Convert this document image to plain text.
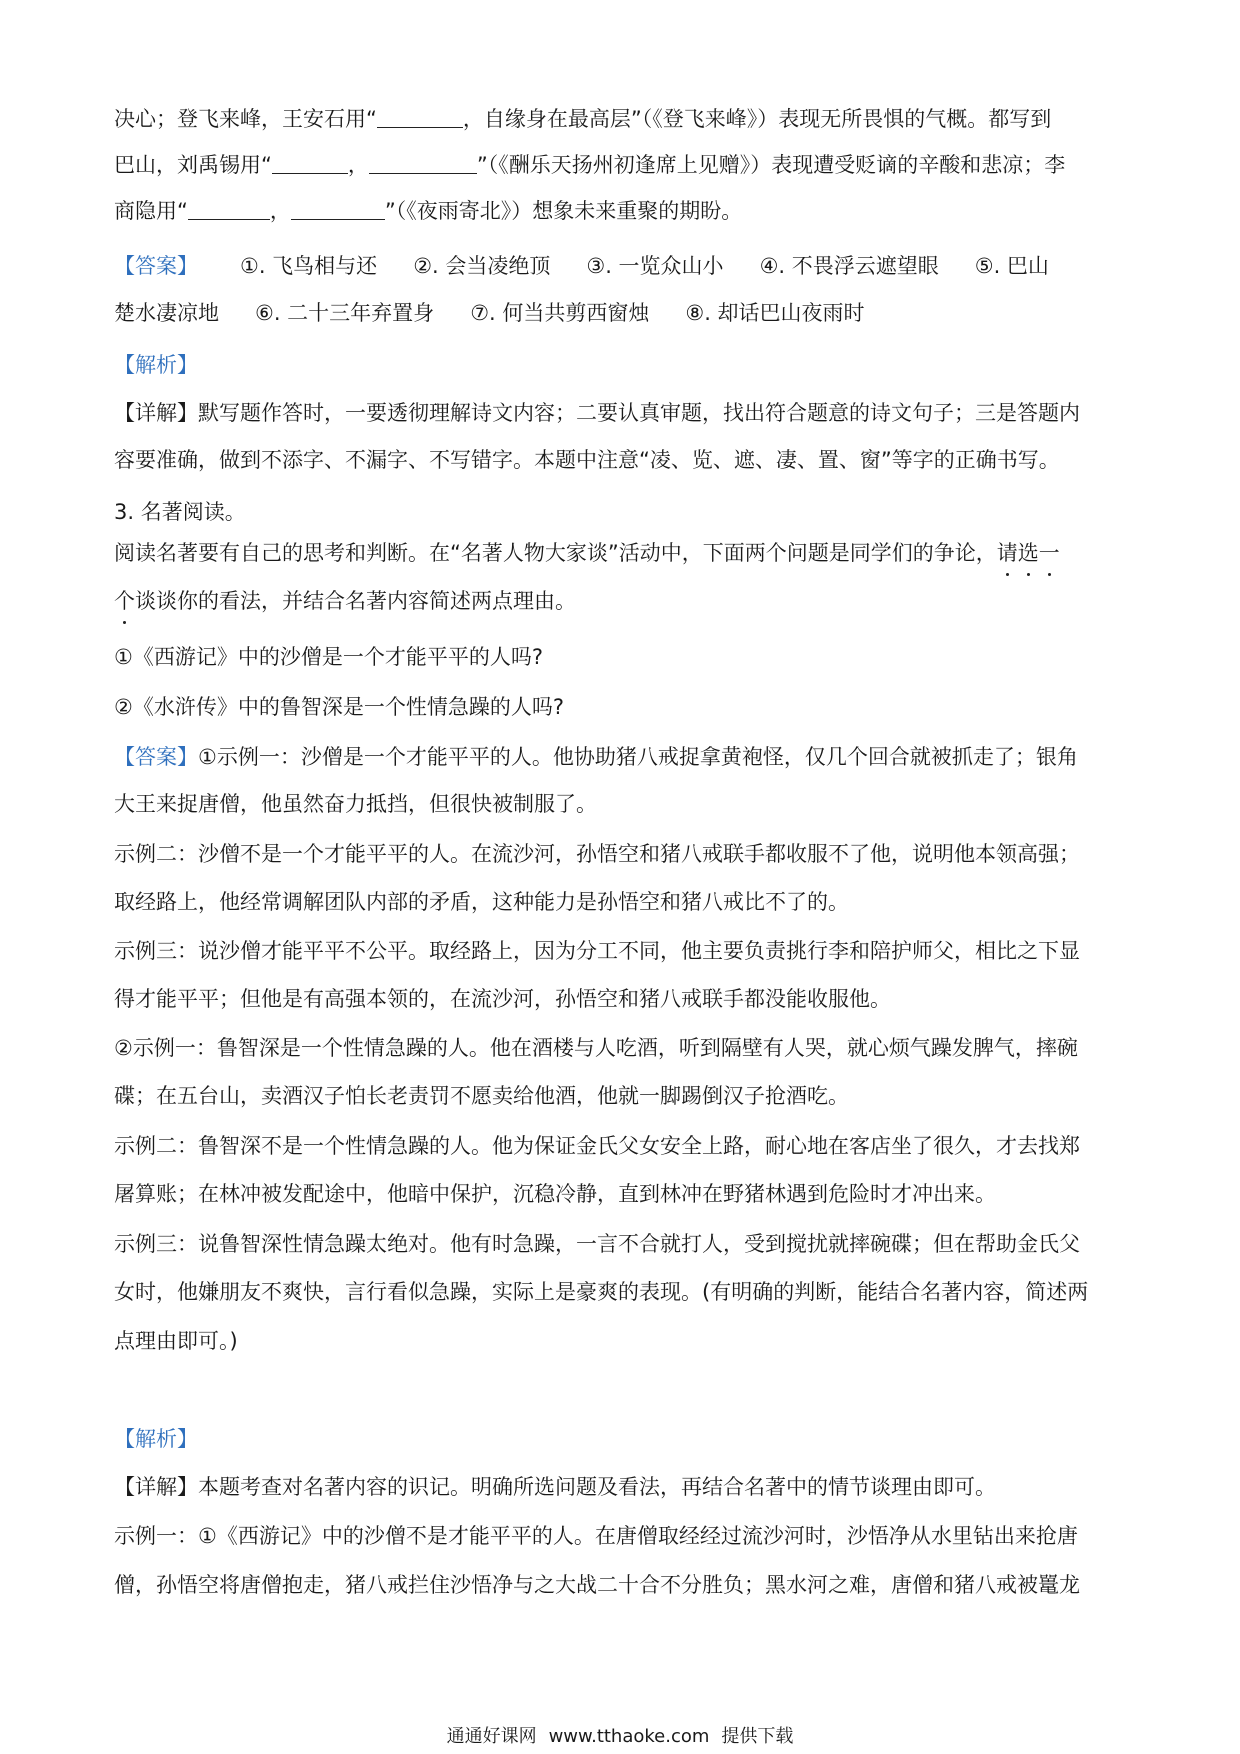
决心；登飞来峰，王安石用“	，自缘身在最高层”（《登飞来峰》）表现无所畏惧的气概。都写到
巴山，刘禹锡用“	，	”（《酬乐天扬州初逢席上见赠》）表现遭受贬谪的辛酸和悲凉；李
商隐用“	，	”（《夜雨寄北》）想象未来重聚的期盼。
【答案】 ①. 飞鸟相与还 ②. 会当凌绝顶 ③. 一览众山小 ④. 不畏浮云遮望眼 ⑤. 巴山
楚水凄凉地 ⑥. 二十三年弃置身 ⑦. 何当共剪西窗烛 ⑧. 却话巴山夜雨时
【解析】
【详解】默写题作答时，一要透彻理解诗文内容；二要认真审题，找出符合题意的诗文句子；三是答题内
容要准确，做到不添字、不漏字、不写错字。本题中注意“凌、览、遮、凄、置、窗”等字的正确书写。
3. 名著阅读。
阅读名著要有自己的思考和判断。在“名著人物大家谈”活动中，下面两个问题是同学们的争论，请选一
个谈谈你的看法，并结合名著内容简述两点理由。
①《西游记》中的沙僧是一个才能平平的人吗?
②《水浒传》中的鲁智深是一个性情急躁的人吗?
【答案】①示例一：沙僧是一个才能平平的人。他协助猪八戒捉拿黄袍怪，仅几个回合就被抓走了；银角
大王来捉唐僧，他虽然奋力抵挡，但很快被制服了。
示例二：沙僧不是一个才能平平的人。在流沙河，孙悟空和猪八戒联手都收服不了他，说明他本领高强；
取经路上，他经常调解团队内部的矛盾，这种能力是孙悟空和猪八戒比不了的。
示例三：说沙僧才能平平不公平。取经路上，因为分工不同，他主要负责挑行李和陪护师父，相比之下显
得才能平平；但他是有高强本领的，在流沙河，孙悟空和猪八戒联手都没能收服他。
②示例一：鲁智深是一个性情急躁的人。他在酒楼与人吃酒，听到隔壁有人哭，就心烦气躁发脾气，摔碗
碟；在五台山，卖酒汉子怕长老责罚不愿卖给他酒，他就一脚踢倒汉子抢酒吃。
示例二：鲁智深不是一个性情急躁的人。他为保证金氏父女安全上路，耐心地在客店坐了很久，才去找郑
屠算账；在林冲被发配途中，他暗中保护，沉稳冷静，直到林冲在野猪林遇到危险时才冲出来。
示例三：说鲁智深性情急躁太绝对。他有时急躁，一言不合就打人，受到搅扰就摔碗碟；但在帮助金氏父
女时，他嫌朋友不爽快，言行看似急躁，实际上是豪爽的表现。(有明确的判断，能结合名著内容，简述两
点理由即可。)
【解析】
【详解】本题考查对名著内容的识记。明确所选问题及看法，再结合名著中的情节谈理由即可。
示例一：①《西游记》中的沙僧不是才能平平的人。在唐僧取经经过流沙河时，沙悟净从水里钻出来抢唐
僧，孙悟空将唐僧抱走，猪八戒拦住沙悟净与之大战二十合不分胜负；黑水河之难，唐僧和猪八戒被鼍龙
通通好课网 www.tthaoke.com 提供下载
